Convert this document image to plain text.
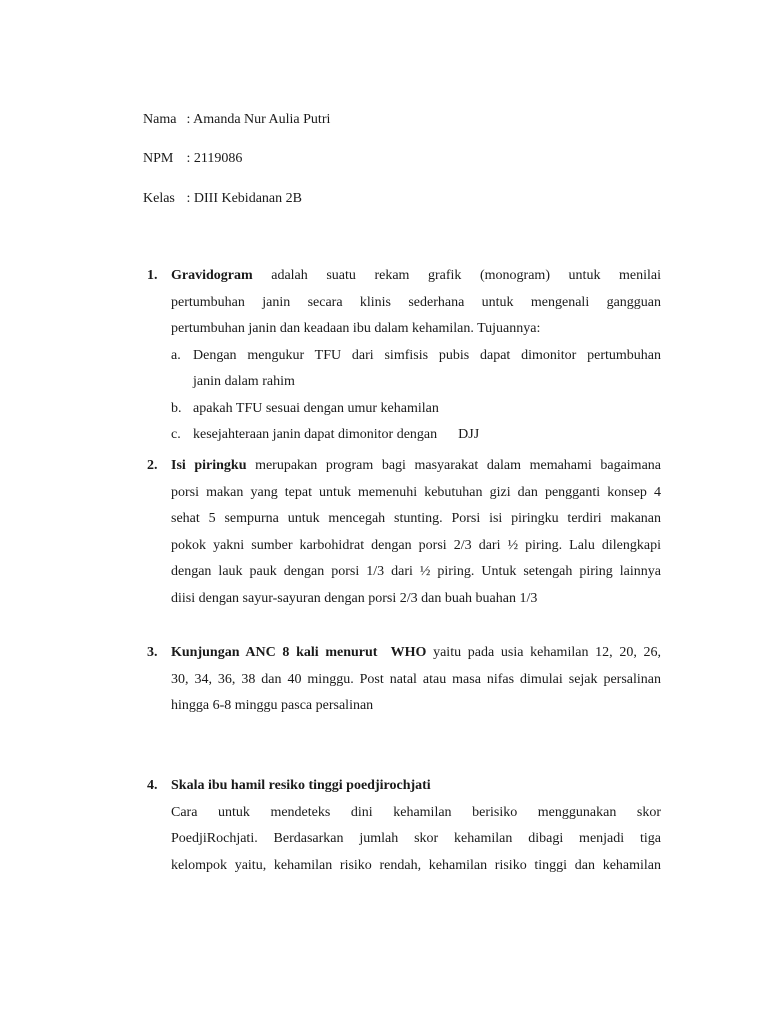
Nama : Amanda Nur Aulia Putri
NPM : 2119086
Kelas : DIII Kebidanan 2B
1. Gravidogram adalah suatu rekam grafik (monogram) untuk menilai
pertumbuhan janin secara klinis sederhana untuk mengenali gangguan
pertumbuhan janin dan keadaan ibu dalam kehamilan. Tujuannya:
a. Dengan mengukur TFU dari simfisis pubis dapat dimonitor pertumbuhan
janin dalam rahim
b. apakah TFU sesuai dengan umur kehamilan
c. kesejahteraan janin dapat dimonitor dengan      DJJ
2. Isi piringku merupakan program bagi masyarakat dalam memahami bagaimana
porsi makan yang tepat untuk memenuhi kebutuhan gizi dan pengganti konsep 4
sehat 5 sempurna untuk mencegah stunting. Porsi isi piringku terdiri makanan
pokok yakni sumber karbohidrat dengan porsi 2/3 dari ½ piring. Lalu dilengkapi
dengan lauk pauk dengan porsi 1/3 dari ½ piring. Untuk setengah piring lainnya
diisi dengan sayur-sayuran dengan porsi 2/3 dan buah buahan 1/3
3. Kunjungan ANC 8 kali menurut  WHO yaitu pada usia kehamilan 12, 20, 26,
30, 34, 36, 38 dan 40 minggu. Post natal atau masa nifas dimulai sejak persalinan
hingga 6-8 minggu pasca persalinan
4. Skala ibu hamil resiko tinggi poedjirochjati
Cara untuk mendeteks dini kehamilan berisiko menggunakan skor
PoedjiRochjati. Berdasarkan jumlah skor kehamilan dibagi menjadi tiga
kelompok yaitu, kehamilan risiko rendah, kehamilan risiko tinggi dan kehamilan
